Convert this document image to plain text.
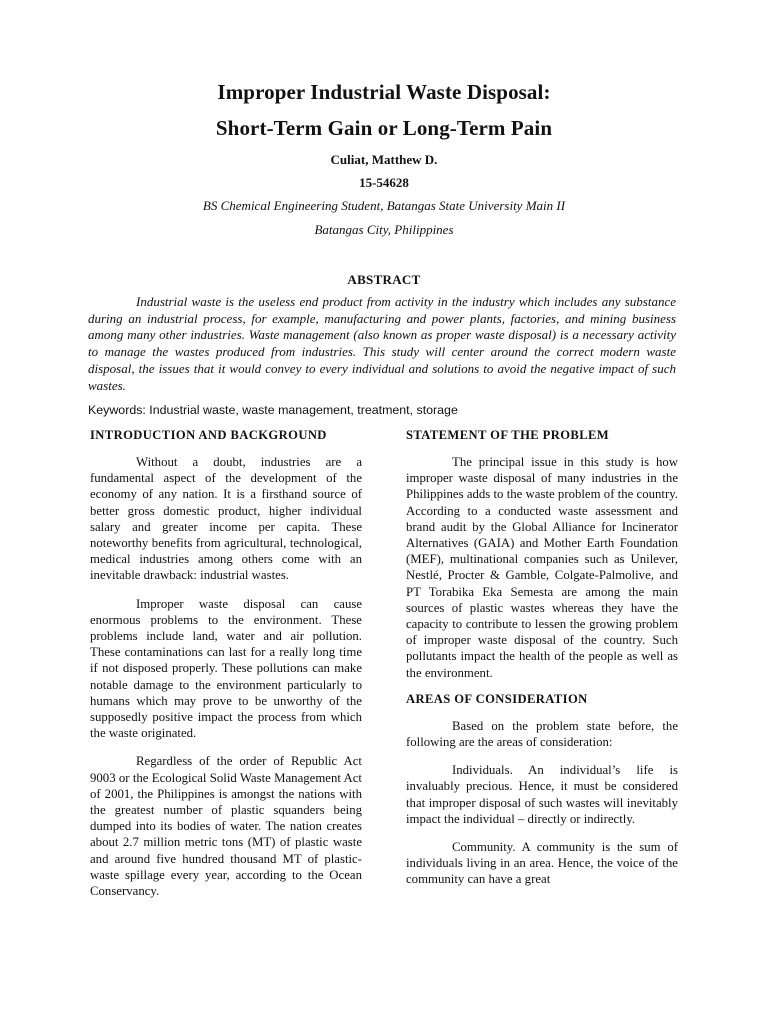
Improper Industrial Waste Disposal:
Short-Term Gain or Long-Term Pain
Culiat, Matthew D.
15-54628
BS Chemical Engineering Student, Batangas State University Main II
Batangas City, Philippines
ABSTRACT

Industrial waste is the useless end product from activity in the industry which includes any substance during an industrial process, for example, manufacturing and power plants, factories, and mining business among many other industries. Waste management (also known as proper waste disposal) is a necessary activity to manage the wastes produced from industries. This study will center around the correct modern waste disposal, the issues that it would convey to every individual and solutions to avoid the negative impact of such wastes.

Keywords: Industrial waste, waste management, treatment, storage
INTRODUCTION AND BACKGROUND

Without a doubt, industries are a fundamental aspect of the development of the economy of any nation. It is a firsthand source of better gross domestic product, higher individual salary and greater income per capita. These noteworthy benefits from agricultural, technological, medical industries among others come with an inevitable drawback: industrial wastes.

Improper waste disposal can cause enormous problems to the environment. These problems include land, water and air pollution. These contaminations can last for a really long time if not disposed properly. These pollutions can make notable damage to the environment particularly to humans which may prove to be unworthy of the supposedly positive impact the process from which the waste originated.

Regardless of the order of Republic Act 9003 or the Ecological Solid Waste Management Act of 2001, the Philippines is amongst the nations with the greatest number of plastic squanders being dumped into its bodies of water. The nation creates about 2.7 million metric tons (MT) of plastic waste and around five hundred thousand MT of plastic-waste spillage every year, according to the Ocean Conservancy.

STATEMENT OF THE PROBLEM

The principal issue in this study is how improper waste disposal of many industries in the Philippines adds to the waste problem of the country. According to a conducted waste assessment and brand audit by the Global Alliance for Incinerator Alternatives (GAIA) and Mother Earth Foundation (MEF), multinational companies such as Unilever, Nestlé, Procter & Gamble, Colgate-Palmolive, and PT Torabika Eka Semesta are among the main sources of plastic wastes whereas they have the capacity to contribute to lessen the growing problem of improper waste disposal of the country. Such pollutants impact the health of the people as well as the environment.

AREAS OF CONSIDERATION

Based on the problem state before, the following are the areas of consideration:

Individuals. An individual’s life is invaluably precious. Hence, it must be considered that improper disposal of such wastes will inevitably impact the individual – directly or indirectly.

Community. A community is the sum of individuals living in an area. Hence, the voice of the community can have a great
